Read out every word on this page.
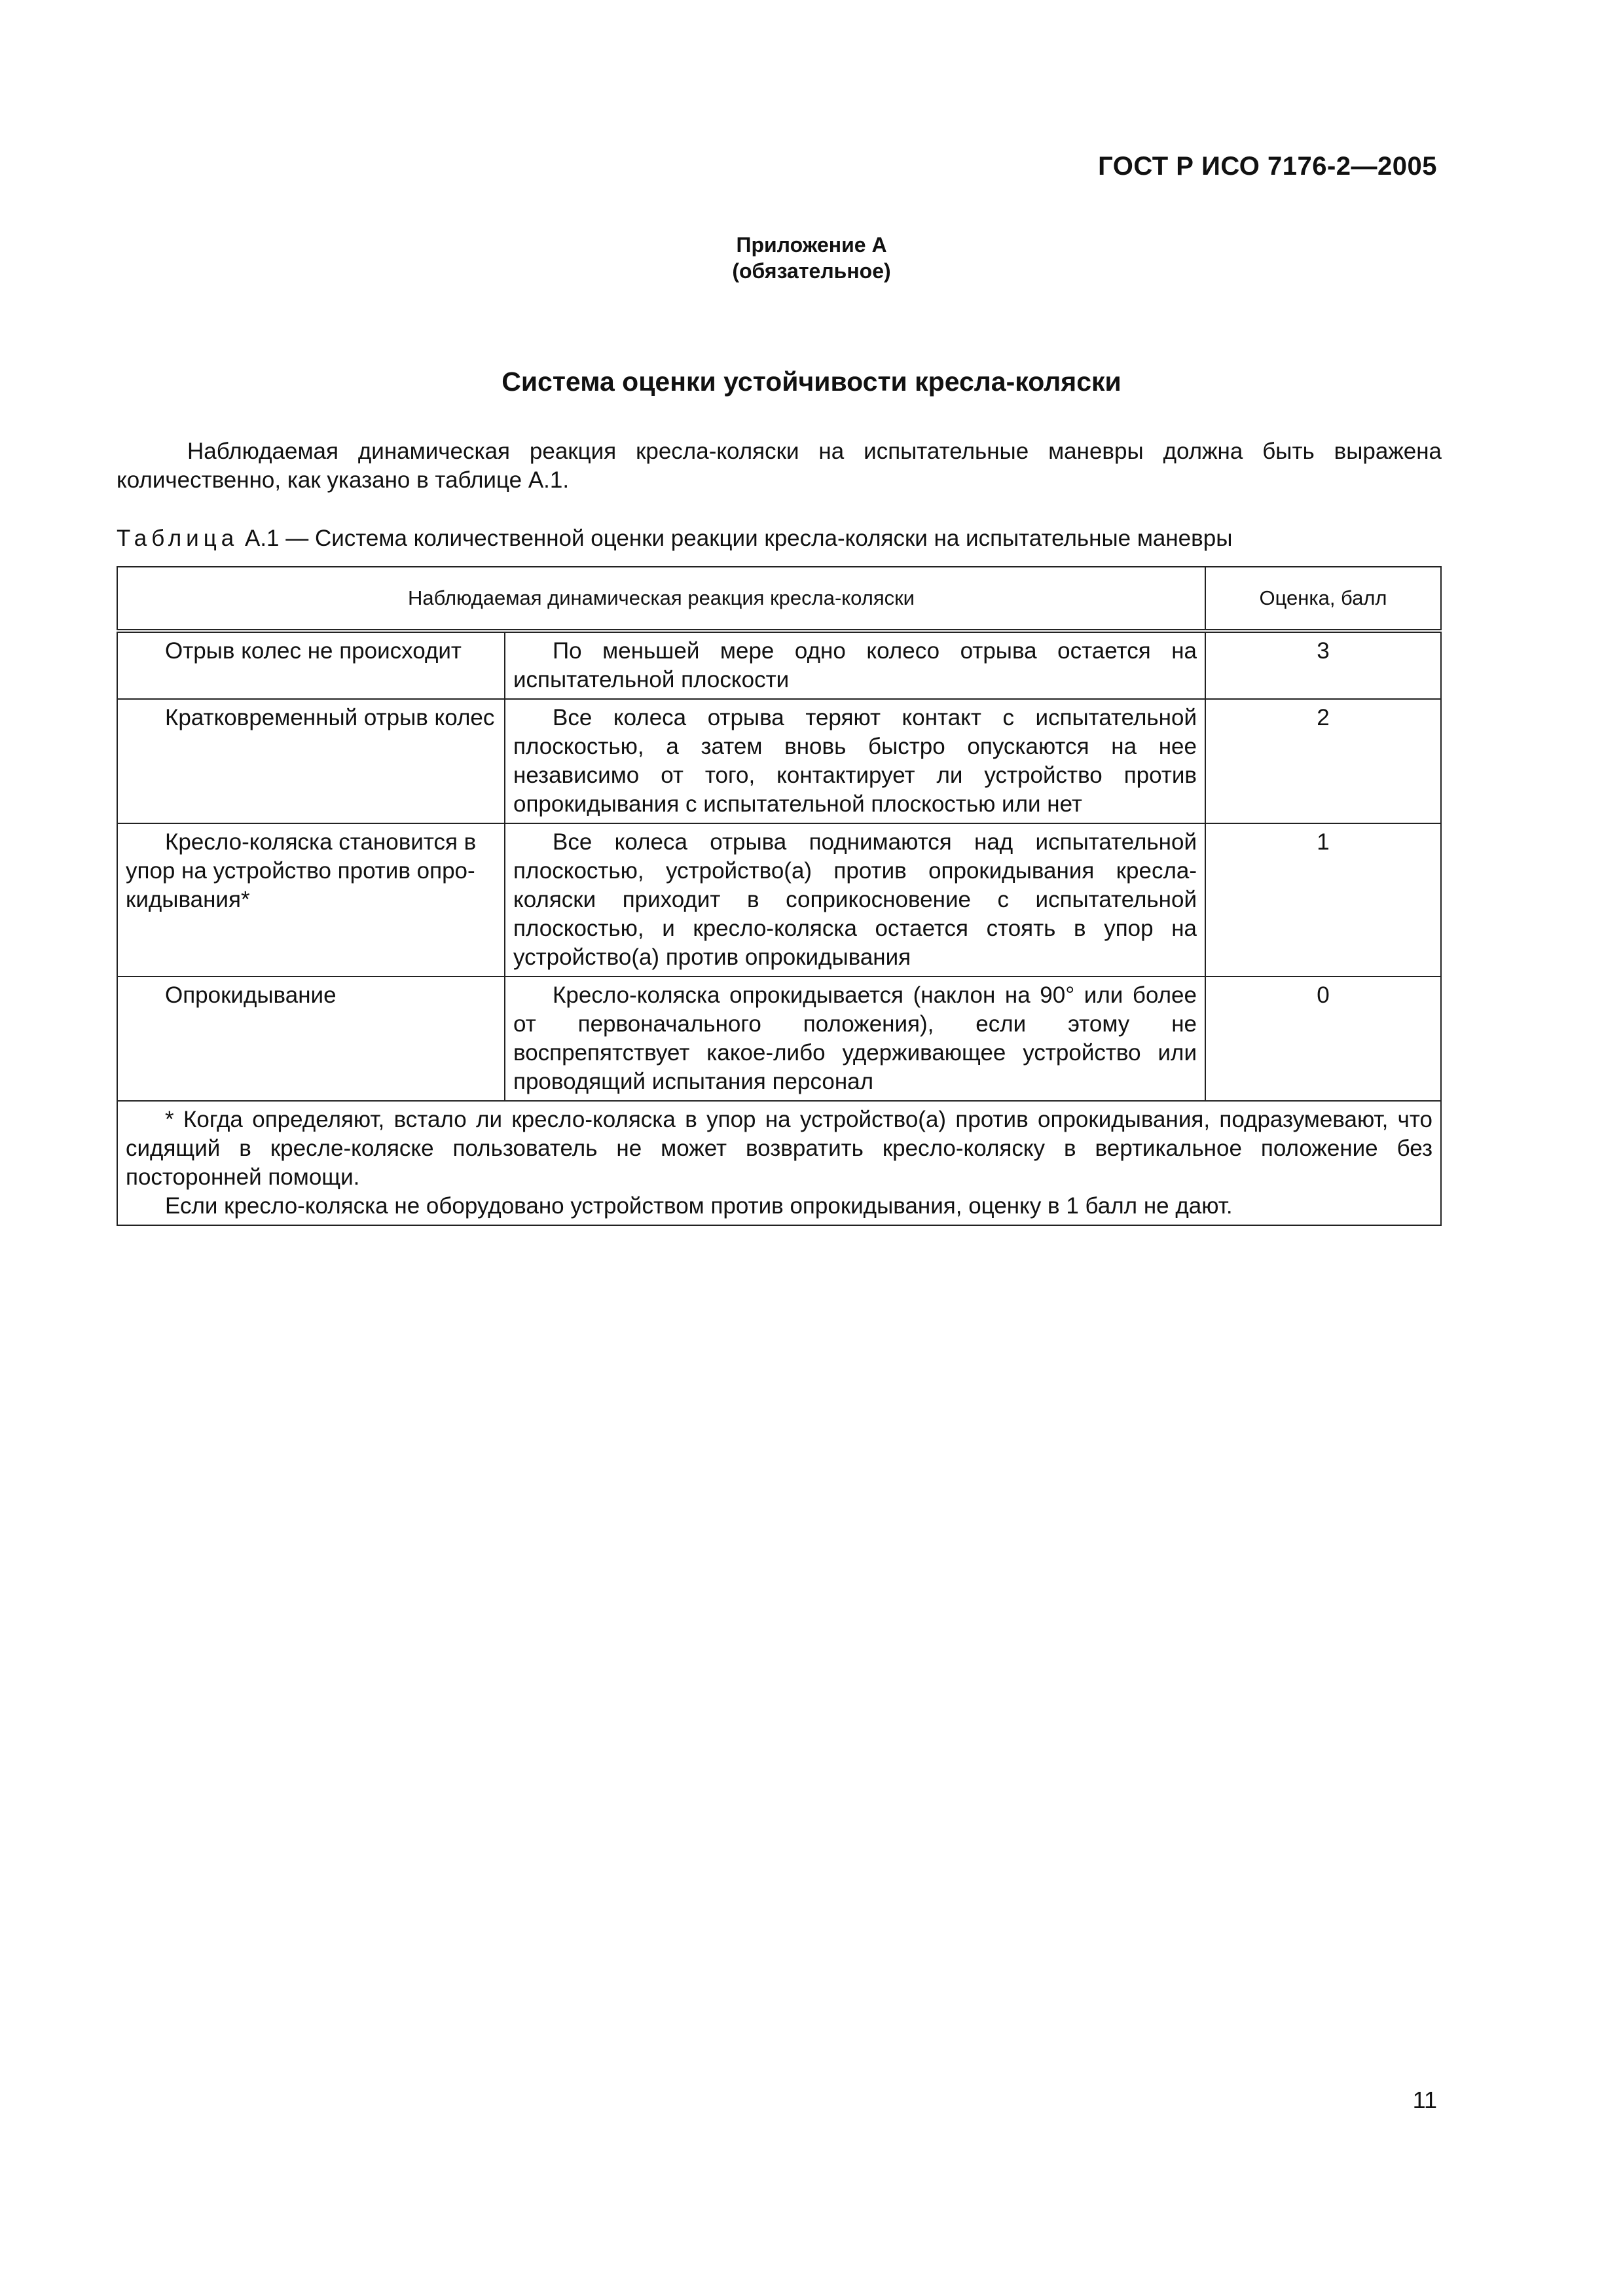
ГОСТ Р ИСО 7176-2—2005
Приложение А
(обязательное)
Система оценки устойчивости кресла-коляски

Наблюдаемая динамическая реакция кресла-коляски на испытательные маневры должна быть выражена количественно, как указано в таблице А.1.

Таблица А.1 — Система количественной оценки реакции кресла-коляски на испытательные маневры
Наблюдаемая динамическая реакция кресла-коляски		Оценка, балл

Отрыв колес не происходит	По меньшей мере одно колесо отрыва остается на испытательной плоскости	3

Кратковременный отрыв колес	Все колеса отрыва теряют контакт с испытательной плоскостью, а затем вновь быстро опускаются на нее независимо от того, контактирует ли устройство против опрокидывания с испытательной плоскостью или нет	2

Кресло-коляска становится в упор на устройство против опро-кидывания*	Все колеса отрыва поднимаются над испытательной плоскостью, устройство(а) против опрокидывания кресла-коляски приходит в соприкосновение с испытательной плоскостью, и кресло-коляска остается стоять в упор на устройство(а) против опрокидывания	1

Опрокидывание	Кресло-коляска опрокидывается (наклон на 90° или более от первоначального положения), если этому не воспрепятствует какое-либо удерживающее устройство или проводящий испытания персонал	0

* Когда определяют, встало ли кресло-коляска в упор на устройство(а) против опрокидывания, подразумевают, что сидящий в кресле-коляске пользователь не может возвратить кресло-коляску в вертикальное положение без посторонней помощи.
Если кресло-коляска не оборудовано устройством против опрокидывания, оценку в 1 балл не дают.		
11
